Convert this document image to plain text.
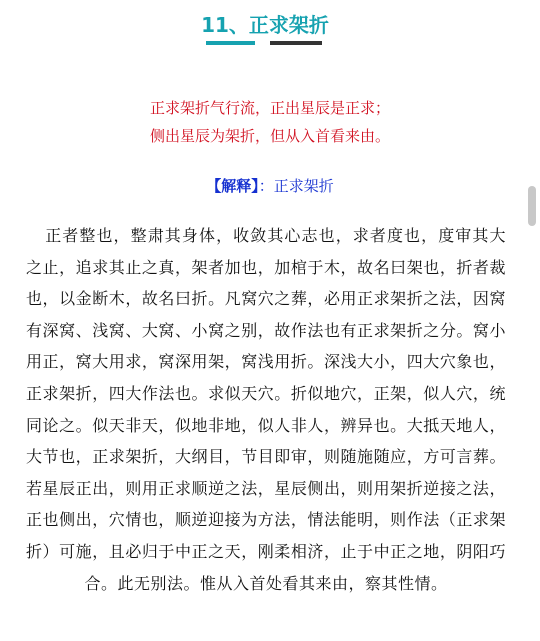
11、正求架折
正求架折气行流，正出星辰是正求；
侧出星辰为架折，但从入首看来由。
【解释】：正求架折
正者整也，整肃其身体，收敛其心志也，求者度也，度审其大之止，追求其止之真，架者加也，加棺于木，故名曰架也，折者裁也，以金断木，故名曰折。凡窝穴之葬，必用正求架折之法，因窝有深窝、浅窝、大窝、小窝之别，故作法也有正求架折之分。窝小用正，窝大用求，窝深用架，窝浅用折。深浅大小，四大穴象也，正求架折，四大作法也。求似天穴。折似地穴，正架，似人穴，统同论之。似天非天，似地非地，似人非人，辨异也。大抵天地人，大节也，正求架折，大纲目，节目即审，则随施随应，方可言葬。若星辰正出，则用正求顺逆之法，星辰侧出，则用架折逆接之法，正也侧出，穴情也，顺逆迎接为方法，情法能明，则作法（正求架折）可施，且必归于中正之天，刚柔相济，止于中正之地，阴阳巧合。此无别法。惟从入首处看其来由，察其性情。
